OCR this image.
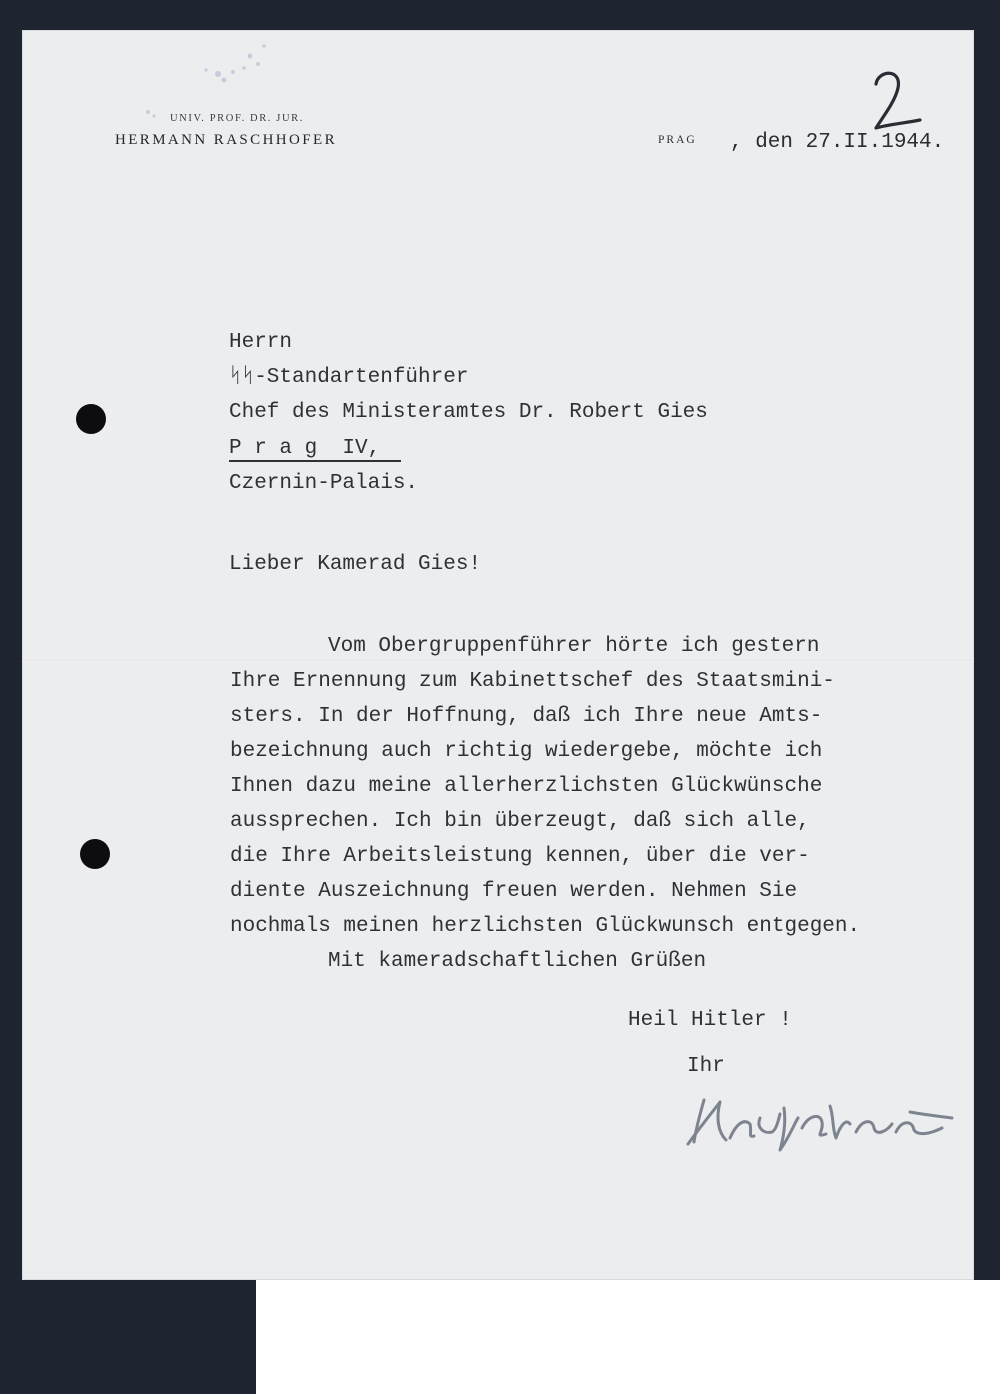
UNIV. PROF. DR. JUR.
HERMANN RASCHHOFER	PRAG , den 27.II.1944.
Herrn
ᛋᛋ-Standartenführer
Chef des Ministeramtes Dr. Robert Gies
P r a g  IV,
Czernin-Palais.
Lieber Kamerad Gies!
Vom Obergruppenführer hörte ich gestern
Ihre Ernennung zum Kabinettschef des Staatsmini-
sters. In der Hoffnung, daß ich Ihre neue Amts-
bezeichnung auch richtig wiedergebe, möchte ich
Ihnen dazu meine allerherzlichsten Glückwünsche
aussprechen. Ich bin überzeugt, daß sich alle,
die Ihre Arbeitsleistung kennen, über die ver-
diente Auszeichnung freuen werden. Nehmen Sie
nochmals meinen herzlichsten Glückwunsch entgegen.
Mit kameradschaftlichen Grüßen
Heil Hitler !
Ihr
